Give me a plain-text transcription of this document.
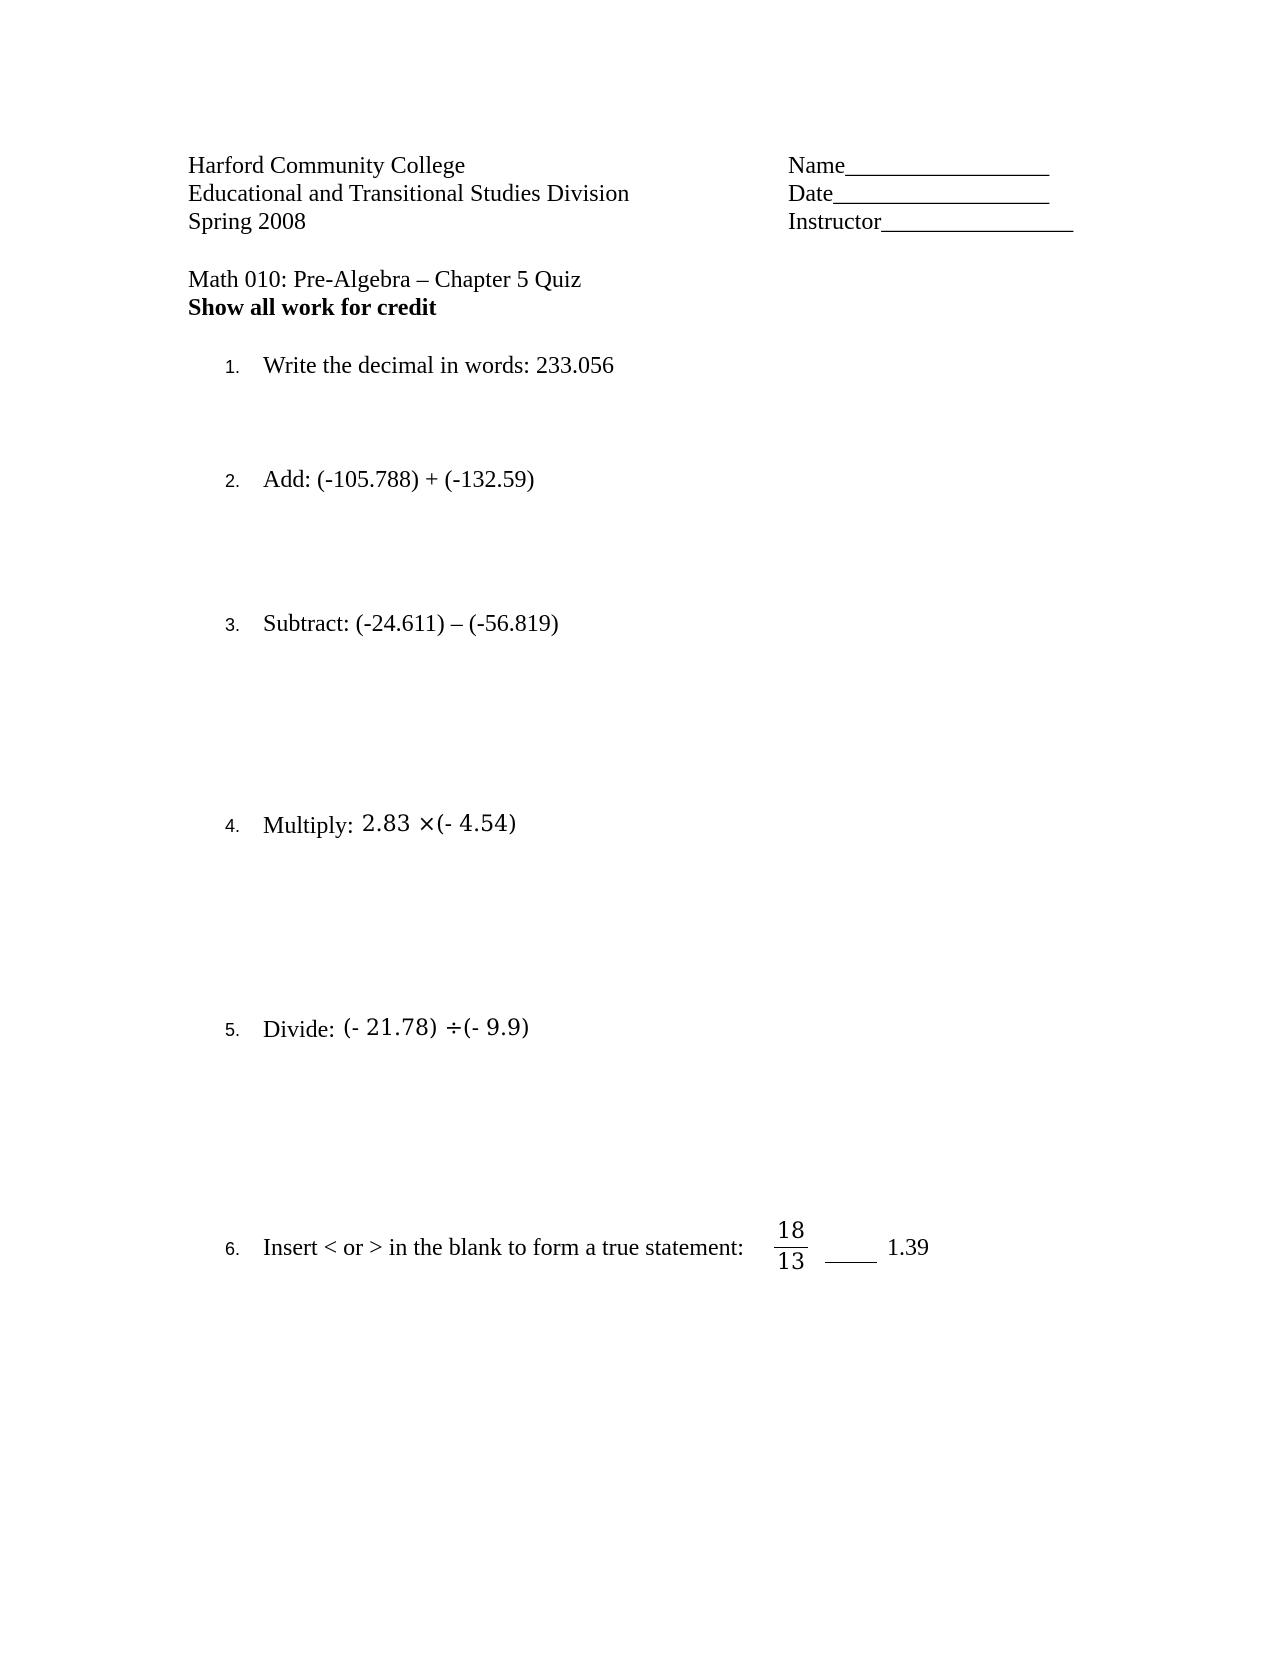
Harford Community College
Educational and Transitional Studies Division
Spring 2008
Name_________________
Date__________________
Instructor________________
Math 010: Pre-Algebra – Chapter 5 Quiz
Show all work for credit
1. Write the decimal in words: 233.056
2. Add: (-105.788) + (-132.59)
3. Subtract: (-24.611) – (-56.819)
4. Multiply: 2.83 ×(- 4.54)
5. Divide: (- 21.78) ÷(- 9.9)
6. Insert < or > in the blank to form a true statement:
18
13
1.39
